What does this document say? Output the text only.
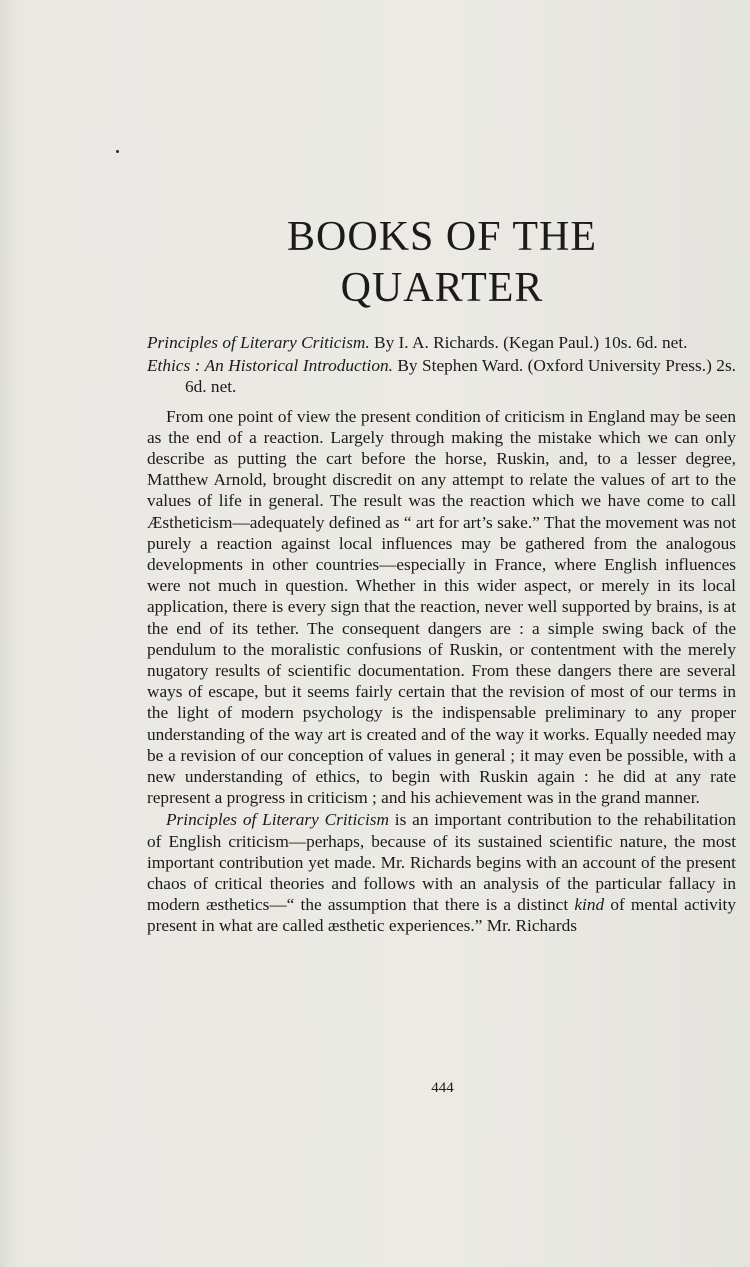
BOOKS OF THE
QUARTER

Principles of Literary Criticism. By I. A. Richards. (Kegan Paul.) 10s. 6d. net.

Ethics : An Historical Introduction. By Stephen Ward. (Oxford University Press.) 2s. 6d. net.

From one point of view the present condition of criticism in England may be seen as the end of a reaction. Largely through making the mistake which we can only describe as putting the cart before the horse, Ruskin, and, to a lesser degree, Matthew Arnold, brought discredit on any attempt to relate the values of art to the values of life in general. The result was the reaction which we have come to call Æstheticism—adequately defined as “ art for art’s sake.” That the movement was not purely a reaction against local influences may be gathered from the analogous developments in other countries—especially in France, where English influences were not much in question. Whether in this wider aspect, or merely in its local application, there is every sign that the reaction, never well supported by brains, is at the end of its tether. The consequent dangers are : a simple swing back of the pendulum to the moralistic confusions of Ruskin, or contentment with the merely nugatory results of scientific documentation. From these dangers there are several ways of escape, but it seems fairly certain that the revision of most of our terms in the light of modern psychology is the indispensable preliminary to any proper understanding of the way art is created and of the way it works. Equally needed may be a revision of our conception of values in general ; it may even be possible, with a new understanding of ethics, to begin with Ruskin again : he did at any rate represent a progress in criticism ; and his achievement was in the grand manner.

Principles of Literary Criticism is an important contribution to the rehabilitation of English criticism—perhaps, because of its sustained scientific nature, the most important contribution yet made. Mr. Richards begins with an account of the present chaos of critical theories and follows with an analysis of the particular fallacy in modern æsthetics—“ the assumption that there is a distinct kind of mental activity present in what are called æsthetic experiences.” Mr. Richards

444
